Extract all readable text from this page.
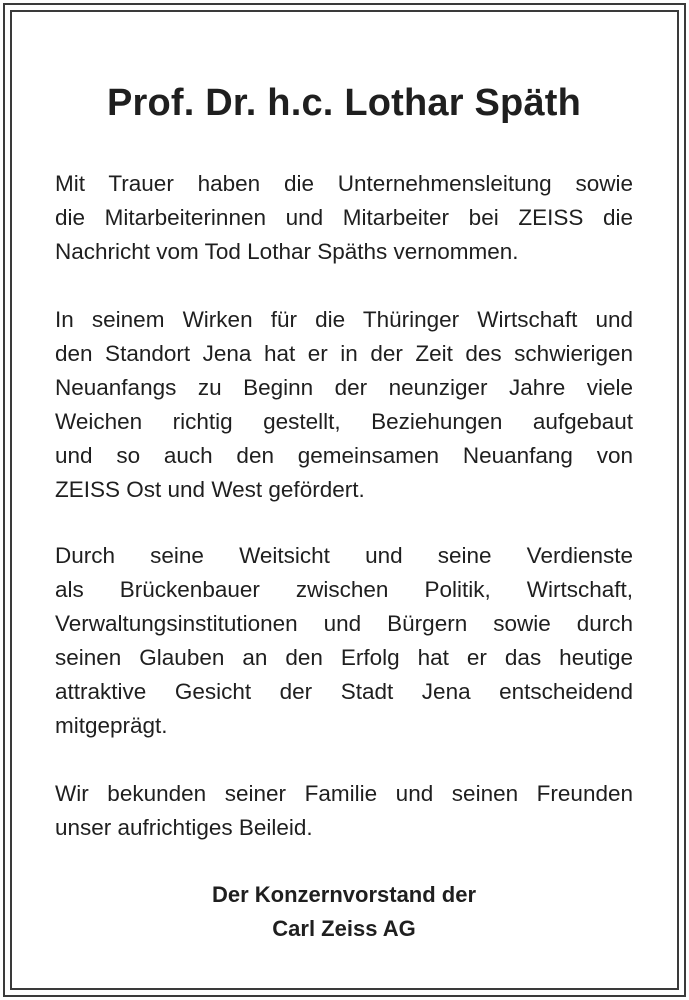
Prof. Dr. h.c. Lothar Späth
Mit Trauer haben die Unternehmensleitung sowie
die Mitarbeiterinnen und Mitarbeiter bei ZEISS die
Nachricht vom Tod Lothar Späths vernommen.
In seinem Wirken für die Thüringer Wirtschaft und
den Standort Jena hat er in der Zeit des schwierigen
Neuanfangs zu Beginn der neunziger Jahre viele
Weichen richtig gestellt, Beziehungen aufgebaut
und so auch den gemeinsamen Neuanfang von
ZEISS Ost und West gefördert.
Durch seine Weitsicht und seine Verdienste
als Brückenbauer zwischen Politik, Wirtschaft,
Verwaltungsinstitutionen und Bürgern sowie durch
seinen Glauben an den Erfolg hat er das heutige
attraktive Gesicht der Stadt Jena entscheidend
mitgeprägt.
Wir bekunden seiner Familie und seinen Freunden
unser aufrichtiges Beileid.
Der Konzernvorstand der
Carl Zeiss AG
